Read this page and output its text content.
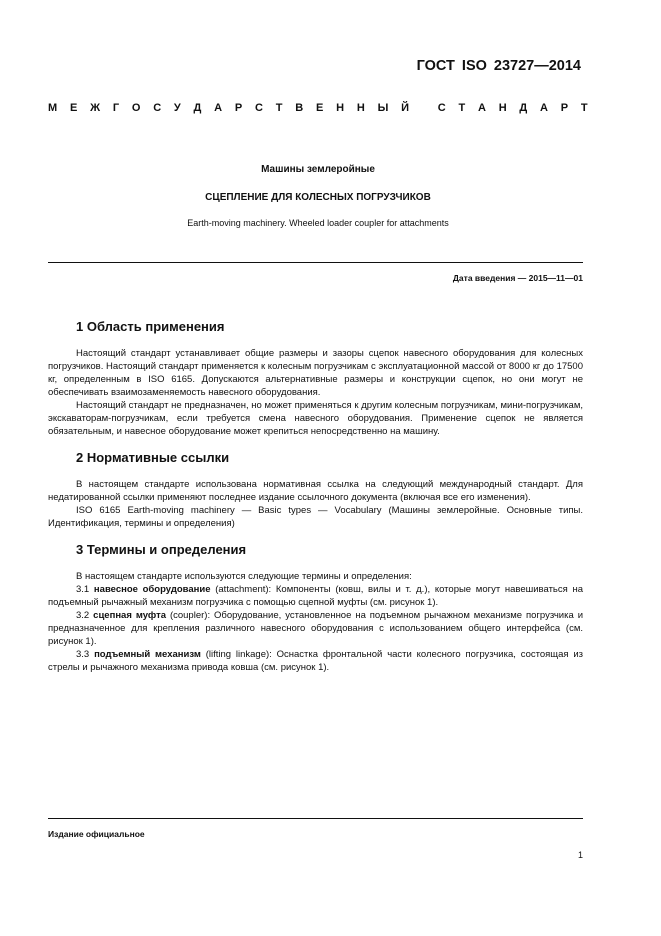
ГОСТ ISO 23727—2014
М Е Ж Г О С У Д А Р С Т В Е Н Н Ы Й
	С Т А Н Д А Р Т
Машины землеройные
СЦЕПЛЕНИЕ ДЛЯ КОЛЕСНЫХ ПОГРУЗЧИКОВ
Earth-moving machinery. Wheeled loader coupler for attachments
Дата введения — 2015—11—01
1 Область применения

Настоящий стандарт устанавливает общие размеры и зазоры сцепок навесного оборудования для колесных погрузчиков. Настоящий стандарт применяется к колесным погрузчикам с эксплуатационной массой от 8000 кг до 17500 кг, определенным в ISO 6165. Допускаются альтернативные размеры и конструкции сцепок, но они могут не обеспечивать взаимозаменяемость навесного оборудования.

Настоящий стандарт не предназначен, но может применяться к другим колесным погрузчикам, мини-погрузчикам, экскаваторам-погрузчикам, если требуется смена навесного оборудования. Применение сцепок не является обязательным, и навесное оборудование может крепиться непосредственно на машину.

2 Нормативные ссылки

В настоящем стандарте использована нормативная ссылка на следующий международный стандарт. Для недатированной ссылки применяют последнее издание ссылочного документа (включая все его изменения).

ISO 6165 Earth-moving machinery — Basic types — Vocabulary (Машины землеройные. Основные типы. Идентификация, термины и определения)

3 Термины и определения

В настоящем стандарте используются следующие термины и определения:

3.1 навесное оборудование (attachment): Компоненты (ковш, вилы и т. д.), которые могут навешиваться на подъемный рычажный механизм погрузчика с помощью сцепной муфты (см. рисунок 1).

3.2 сцепная муфта (coupler): Оборудование, установленное на подъемном рычажном механизме погрузчика и предназначенное для крепления различного навесного оборудования с использованием общего интерфейса (см. рисунок 1).

3.3 подъемный механизм (lifting linkage): Оснастка фронтальной части колесного погрузчика, состоящая из стрелы и рычажного механизма привода ковша (см. рисунок 1).

Издание официальное
1
